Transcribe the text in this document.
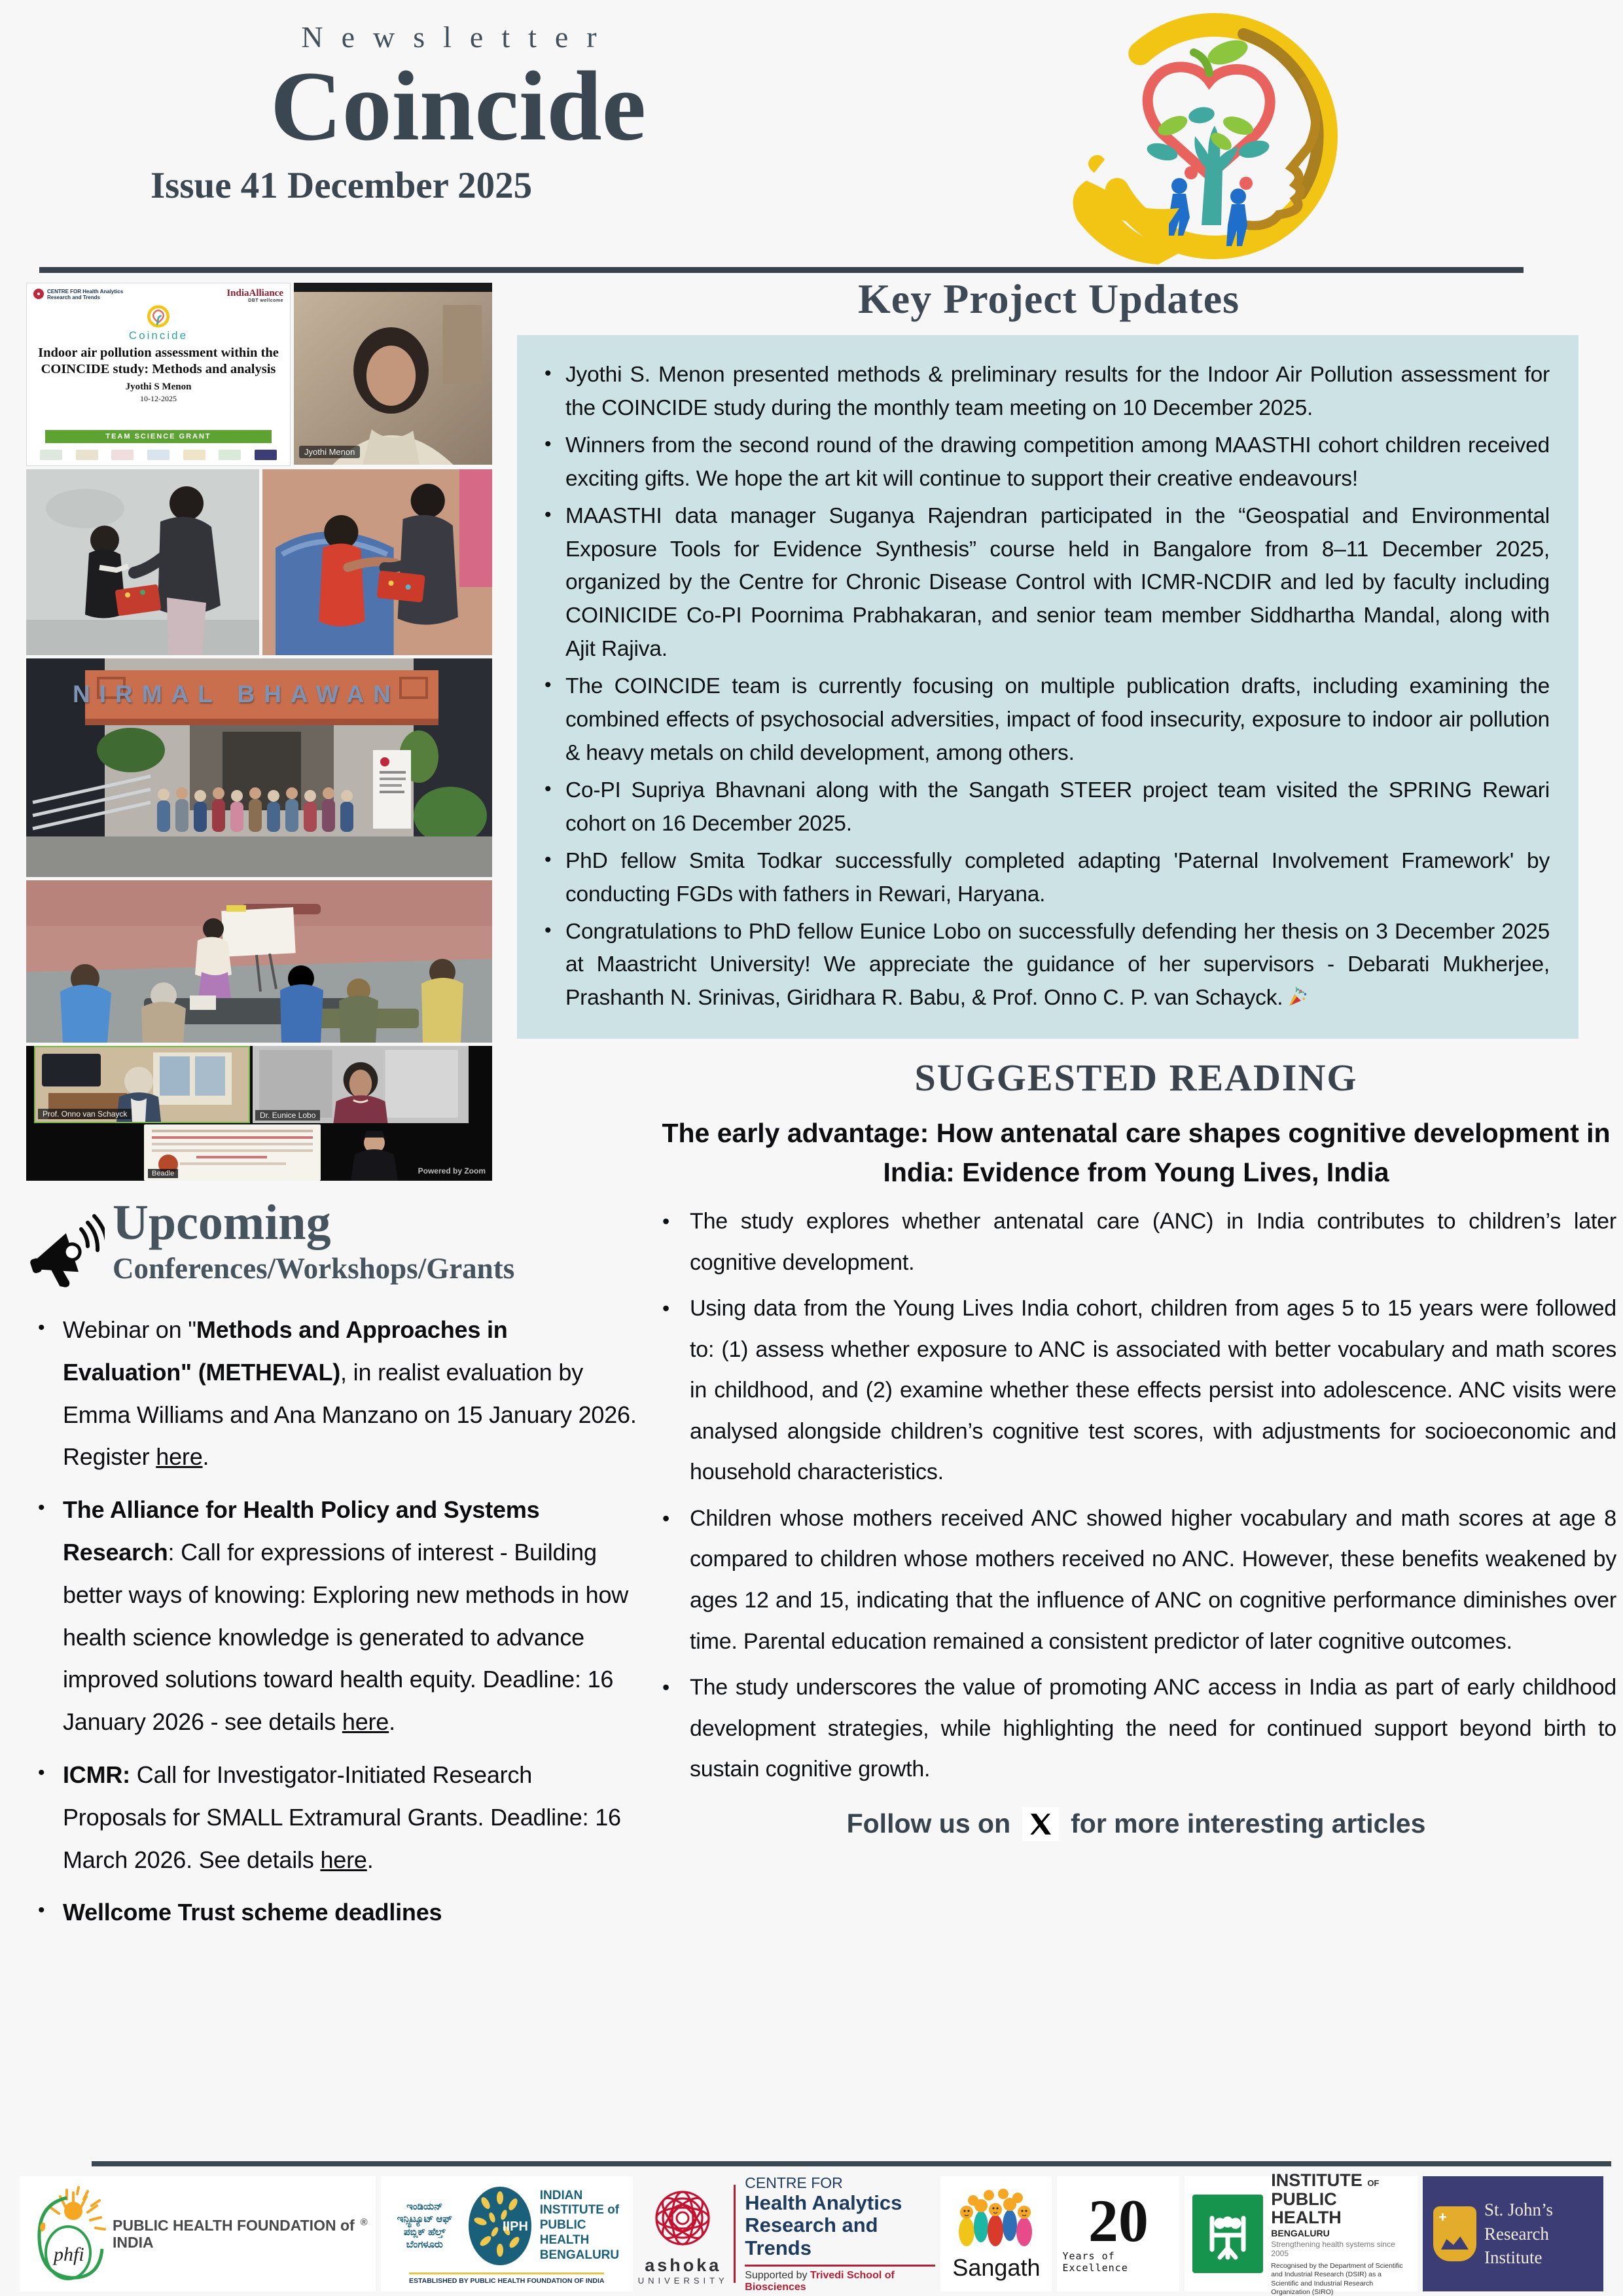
Newsletter
Coincide
Issue 41 December 2025
CENTRE FOR Health Analytics Research and Trends	IndiaAlliance
DBT wellcome
Coincide
Indoor air pollution assessment within the COINCIDE study: Methods and analysis
Jyothi S Menon
10-12-2025
TEAM SCIENCE GRANT
Jyothi Menon
NIRMAL BHAWAN
Prof. Onno van Schayck	Dr. Eunice Lobo
Beadle	Powered by Zoom
Upcoming
Conferences/Workshops/Grants
• Webinar on "Methods and Approaches in Evaluation" (METHEVAL), in realist evaluation by Emma Williams and Ana Manzano on 15 January 2026. Register here.
• The Alliance for Health Policy and Systems Research: Call for expressions of interest - Building better ways of knowing: Exploring new methods in how health science knowledge is generated to advance improved solutions toward health equity. Deadline: 16 January 2026 - see details here.
• ICMR: Call for Investigator-Initiated Research Proposals for SMALL Extramural Grants. Deadline: 16 March 2026. See details here.
• Wellcome Trust scheme deadlines
Key Project Updates
• Jyothi S. Menon presented methods & preliminary results for the Indoor Air Pollution assessment for the COINCIDE study during the monthly team meeting on 10 December 2025.
• Winners from the second round of the drawing competition among MAASTHI cohort children received exciting gifts. We hope the art kit will continue to support their creative endeavours!
• MAASTHI data manager Suganya Rajendran participated in the “Geospatial and Environmental Exposure Tools for Evidence Synthesis” course held in Bangalore from 8–11 December 2025, organized by the Centre for Chronic Disease Control with ICMR-NCDIR and led by faculty including COINICIDE Co-PI Poornima Prabhakaran, and senior team member Siddhartha Mandal, along with Ajit Rajiva.
• The COINCIDE team is currently focusing on multiple publication drafts, including examining the combined effects of psychosocial adversities, impact of food insecurity, exposure to indoor air pollution & heavy metals on child development, among others.
• Co-PI Supriya Bhavnani along with the Sangath STEER project team visited the SPRING Rewari cohort on 16 December 2025.
• PhD fellow Smita Todkar successfully completed adapting 'Paternal Involvement Framework' by conducting FGDs with fathers in Rewari, Haryana.
• Congratulations to PhD fellow Eunice Lobo on successfully defending her thesis on 3 December 2025 at Maastricht University! We appreciate the guidance of her supervisors - Debarati Mukherjee, Prashanth N. Srinivas, Giridhara R. Babu, & Prof. Onno C. P. van Schayck.
SUGGESTED READING
The early advantage: How antenatal care shapes cognitive development in India: Evidence from Young Lives, India
• The study explores whether antenatal care (ANC) in India contributes to children’s later cognitive development.
• Using data from the Young Lives India cohort, children from ages 5 to 15 years were followed to: (1) assess whether exposure to ANC is associated with better vocabulary and math scores in childhood, and (2) examine whether these effects persist into adolescence. ANC visits were analysed alongside children’s cognitive test scores, with adjustments for socioeconomic and household characteristics.
• Children whose mothers received ANC showed higher vocabulary and math scores at age 8 compared to children whose mothers received no ANC. However, these benefits weakened by ages 12 and 15, indicating that the influence of ANC on cognitive performance diminishes over time. Parental education remained a consistent predictor of later cognitive outcomes.
• The study underscores the value of promoting ANC access in India as part of early childhood development strategies, while highlighting the need for continued support beyond birth to sustain cognitive growth.
Follow us on for more interesting articles
phfi
®
PUBLIC HEALTH FOUNDATION of INDIA
ಇಂಡಿಯನ್ ಇನ್ಸ್ಟಿಟ್ಯೂಟ್ ಆಫ್ ಪಬ್ಲಿಕ್ ಹೆಲ್ತ್ ಬೆಂಗಳೂರು
IIPH
INDIAN INSTITUTE of PUBLIC HEALTH BENGALURU
ESTABLISHED BY PUBLIC HEALTH FOUNDATION OF INDIA
ashoka
UNIVERSITY
CENTRE FOR
Health Analytics
Research and Trends
Supported by Trivedi School of Biosciences
Sangath
20
Years of Excellence
INSTITUTE OF
PUBLIC HEALTH
BENGALURU
Strengthening health systems since 2005
Recognised by the Department of Scientific and Industrial Research (DSIR) as a Scientific and Industrial Research Organization (SIRO)
+
St. John’s
Research Institute
